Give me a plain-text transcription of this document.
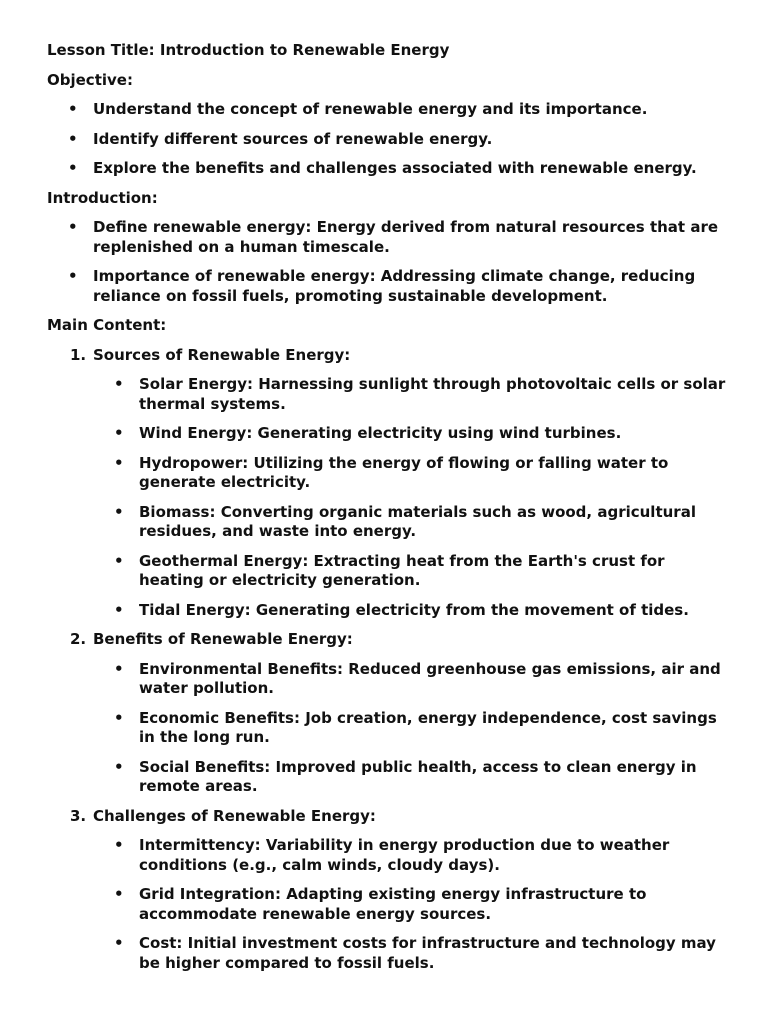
Lesson Title: Introduction to Renewable Energy
Objective:
• Understand the concept of renewable energy and its importance.
• Identify different sources of renewable energy.
• Explore the benefits and challenges associated with renewable energy.
Introduction:
• Define renewable energy: Energy derived from natural resources that are replenished on a human timescale.
• Importance of renewable energy: Addressing climate change, reducing reliance on fossil fuels, promoting sustainable development.
Main Content:
1. Sources of Renewable Energy:
• Solar Energy: Harnessing sunlight through photovoltaic cells or solar thermal systems.
• Wind Energy: Generating electricity using wind turbines.
• Hydropower: Utilizing the energy of flowing or falling water to generate electricity.
• Biomass: Converting organic materials such as wood, agricultural residues, and waste into energy.
• Geothermal Energy: Extracting heat from the Earth's crust for heating or electricity generation.
• Tidal Energy: Generating electricity from the movement of tides.
2. Benefits of Renewable Energy:
• Environmental Benefits: Reduced greenhouse gas emissions, air and water pollution.
• Economic Benefits: Job creation, energy independence, cost savings in the long run.
• Social Benefits: Improved public health, access to clean energy in remote areas.
3. Challenges of Renewable Energy:
• Intermittency: Variability in energy production due to weather conditions (e.g., calm winds, cloudy days).
• Grid Integration: Adapting existing energy infrastructure to accommodate renewable energy sources.
• Cost: Initial investment costs for infrastructure and technology may be higher compared to fossil fuels.
